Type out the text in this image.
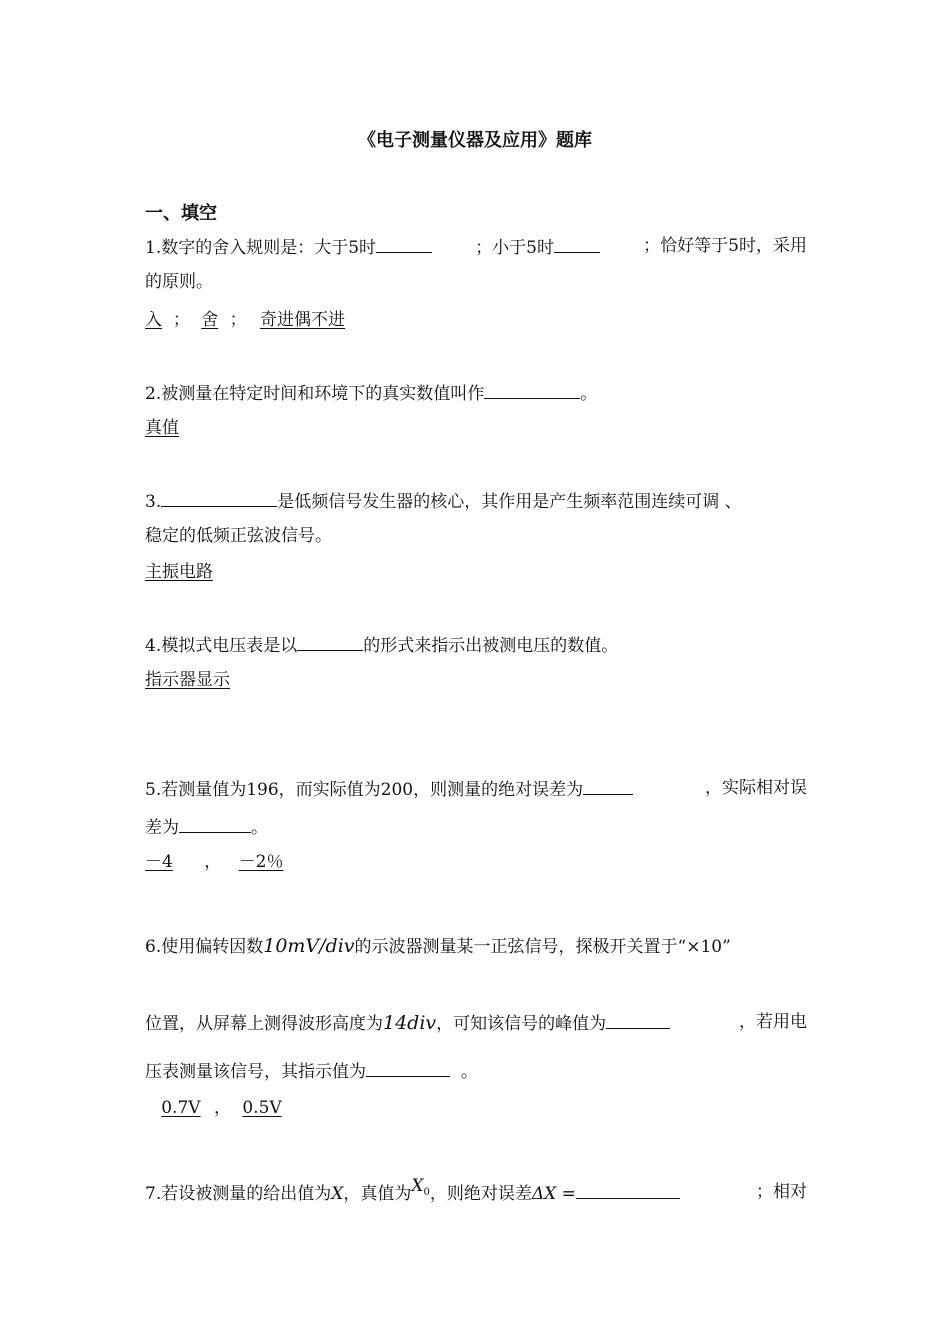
《电子测量仪器及应用》题库
一、填空
1.数字的舍入规则是：大于5时	；小于5时	；恰好等于5时，采用
的原则。
入 ； 舍 ； 奇进偶不进
2.被测量在特定时间和环境下的真实数值叫作	。
真值
3.	是低频信号发生器的核心，其作用是产生频率范围连续可调 、
稳定的低频正弦波信号。
主振电路
4.模拟式电压表是以	的形式来指示出被测电压的数值。
指示器显示
5.若测量值为196，而实际值为200，则测量的绝对误差为	，实际相对误
差为	。
－4 ， －2％
6.使用偏转因数10mV/div的示波器测量某一正弦信号，探极开关置于“×10”
位置，从屏幕上测得波形高度为14div，可知该信号的峰值为	，若用电
压表测量该信号，其指示值为	。
0.7V ， 0.5V
7.若设被测量的给出值为X，真值为$X_0$，则绝对误差ΔX =	；相对
